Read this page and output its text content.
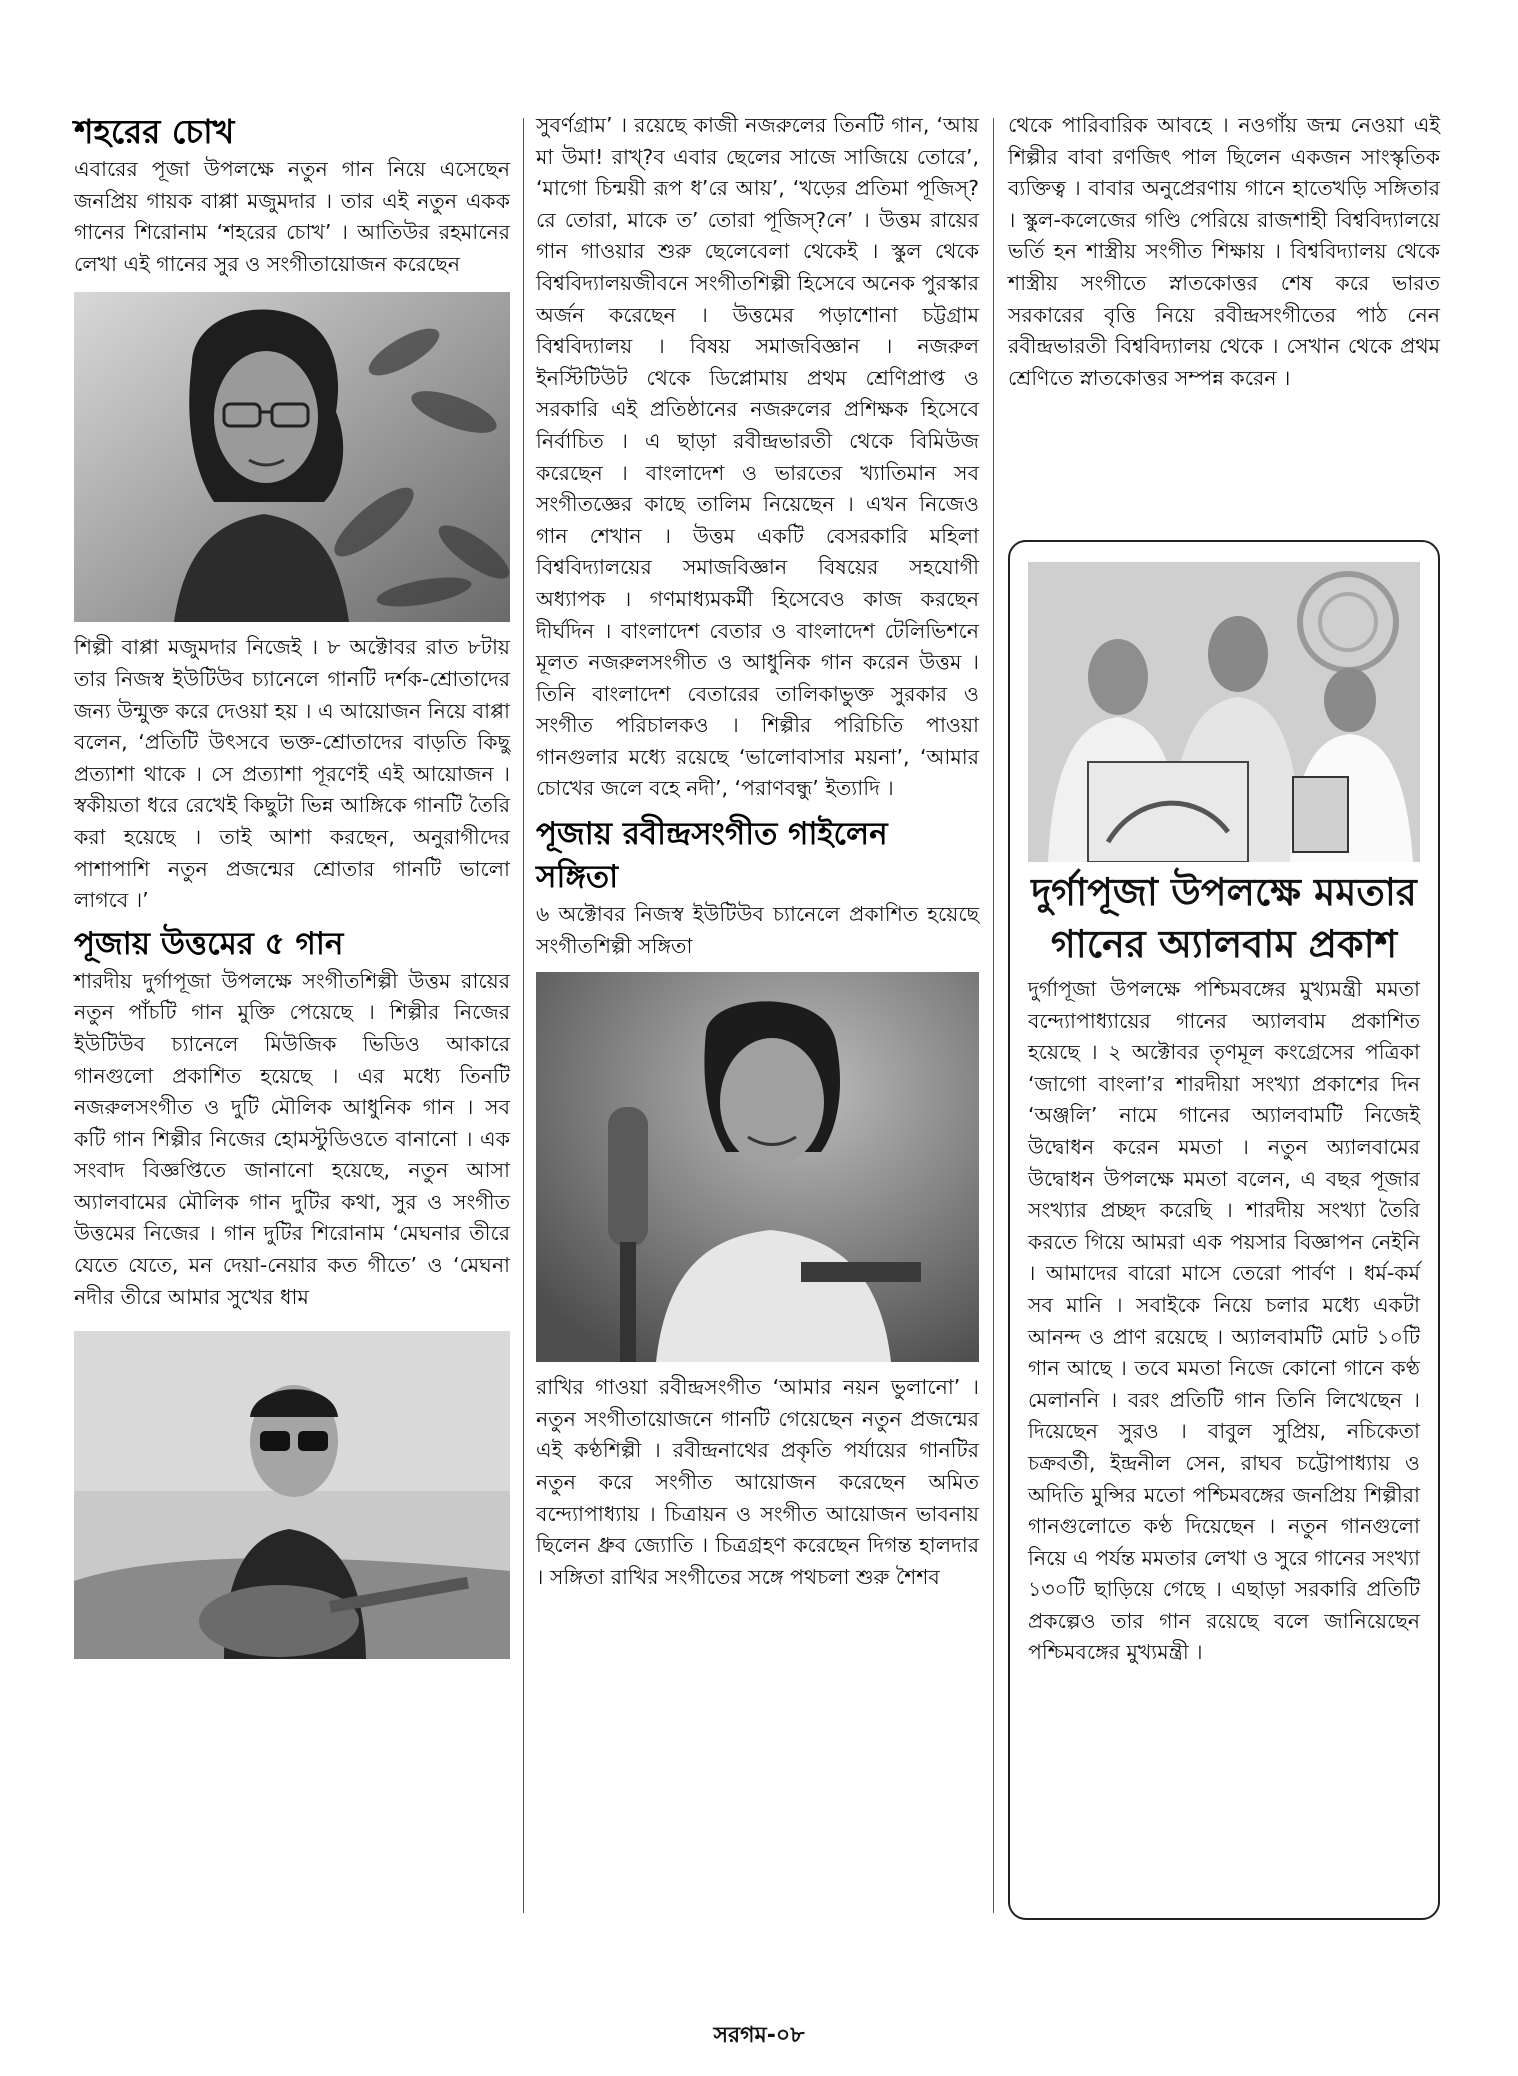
শহরের চোখ

এবারের পূজা উপলক্ষে নতুন গান নিয়ে এসেছেন জনপ্রিয় গায়ক বাপ্পা মজুমদার । তার এই নতুন একক গানের শিরোনাম ‘শহরের চোখ’ । আতিউর রহমানের লেখা এই গানের সুর ও সংগীতায়োজন করেছেন

শিল্পী বাপ্পা মজুমদার নিজেই । ৮ অক্টোবর রাত ৮টায় তার নিজস্ব ইউটিউব চ্যানেলে গানটি দর্শক-শ্রোতাদের জন্য উন্মুক্ত করে দেওয়া হয় । এ আয়োজন নিয়ে বাপ্পা বলেন, ‘প্রতিটি উৎসবে ভক্ত-শ্রোতাদের বাড়তি কিছু প্রত্যাশা থাকে । সে প্রত্যাশা পূরণেই এই আয়োজন । স্বকীয়তা ধরে রেখেই কিছুটা ভিন্ন আঙ্গিকে গানটি তৈরি করা হয়েছে । তাই আশা করছেন, অনুরাগীদের পাশাপাশি নতুন প্রজন্মের শ্রোতার গানটি ভালো লাগবে ।’

পূজায় উত্তমের ৫ গান

শারদীয় দুর্গাপূজা উপলক্ষে সংগীতশিল্পী উত্তম রায়ের নতুন পাঁচটি গান মুক্তি পেয়েছে । শিল্পীর নিজের ইউটিউব চ্যানেলে মিউজিক ভিডিও আকারে গানগুলো প্রকাশিত হয়েছে । এর মধ্যে তিনটি নজরুলসংগীত ও দুটি মৌলিক আধুনিক গান । সব কটি গান শিল্পীর নিজের হোমস্টুডিওতে বানানো । এক সংবাদ বিজ্ঞপ্তিতে জানানো হয়েছে, নতুন আসা অ্যালবামের মৌলিক গান দুটির কথা, সুর ও সংগীত উত্তমের নিজের । গান দুটির শিরোনাম ‘মেঘনার তীরে যেতে যেতে, মন দেয়া-নেয়ার কত গীতে’ ও ‘মেঘনা নদীর তীরে আমার সুখের ধাম

সুবর্ণগ্রাম’ । রয়েছে কাজী নজরুলের তিনটি গান, ‘আয় মা উমা! রাখ্‌?ব এবার ছেলের সাজে সাজিয়ে তোরে’, ‘মাগো চিন্ময়ী রূপ ধ’রে আয়’, ‘খড়ের প্রতিমা পূজিস্‌? রে তোরা, মাকে ত’ তোরা পূজিস্‌?নে’ । উত্তম রায়ের গান গাওয়ার শুরু ছেলেবেলা থেকেই । স্কুল থেকে বিশ্ববিদ্যালয়জীবনে সংগীতশিল্পী হিসেবে অনেক পুরস্কার অর্জন করেছেন । উত্তমের পড়াশোনা চট্টগ্রাম বিশ্ববিদ্যালয় । বিষয় সমাজবিজ্ঞান । নজরুল ইনস্টিটিউট থেকে ডিপ্লোমায় প্রথম শ্রেণিপ্রাপ্ত ও সরকারি এই প্রতিষ্ঠানের নজরুলের প্রশিক্ষক হিসেবে নির্বাচিত । এ ছাড়া রবীন্দ্রভারতী থেকে বিমিউজ করেছেন । বাংলাদেশ ও ভারতের খ্যাতিমান সব সংগীতজ্ঞের কাছে তালিম নিয়েছেন । এখন নিজেও গান শেখান । উত্তম একটি বেসরকারি মহিলা বিশ্ববিদ্যালয়ের সমাজবিজ্ঞান বিষয়ের সহযোগী অধ্যাপক । গণমাধ্যমকর্মী হিসেবেও কাজ করছেন দীর্ঘদিন । বাংলাদেশ বেতার ও বাংলাদেশ টেলিভিশনে মূলত নজরুলসংগীত ও আধুনিক গান করেন উত্তম । তিনি বাংলাদেশ বেতারের তালিকাভুক্ত সুরকার ও সংগীত পরিচালকও । শিল্পীর পরিচিতি পাওয়া গানগুলার মধ্যে রয়েছে ‘ভালোবাসার ময়না’, ‘আমার চোখের জলে বহে নদী’, ‘পরাণবন্ধু’ ইত্যাদি ।

পূজায় রবীন্দ্রসংগীত গাইলেন সঙ্গিতা

৬ অক্টোবর নিজস্ব ইউটিউব চ্যানেলে প্রকাশিত হয়েছে সংগীতশিল্পী সঙ্গিতা

রাখির গাওয়া রবীন্দ্রসংগীত ‘আমার নয়ন ভুলানো’ । নতুন সংগীতায়োজনে গানটি গেয়েছেন নতুন প্রজন্মের এই কণ্ঠশিল্পী । রবীন্দ্রনাথের প্রকৃতি পর্যায়ের গানটির নতুন করে সংগীত আয়োজন করেছেন অমিত বন্দ্যোপাধ্যায় । চিত্রায়ন ও সংগীত আয়োজন ভাবনায় ছিলেন ধ্রুব জ্যোতি । চিত্রগ্রহণ করেছেন দিগন্ত হালদার । সঙ্গিতা রাখির সংগীতের সঙ্গে পথচলা শুরু শৈশব

থেকে পারিবারিক আবহে । নওগাঁয় জন্ম নেওয়া এই শিল্পীর বাবা রণজিৎ পাল ছিলেন একজন সাংস্কৃতিক ব্যক্তিত্ব । বাবার অনুপ্রেরণায় গানে হাতেখড়ি সঙ্গিতার । স্কুল-কলেজের গণ্ডি পেরিয়ে রাজশাহী বিশ্ববিদ্যালয়ে ভর্তি হন শাস্ত্রীয় সংগীত শিক্ষায় । বিশ্ববিদ্যালয় থেকে শাস্ত্রীয় সংগীতে স্নাতকোত্তর শেষ করে ভারত সরকারের বৃত্তি নিয়ে রবীন্দ্রসংগীতের পাঠ নেন রবীন্দ্রভারতী বিশ্ববিদ্যালয় থেকে । সেখান থেকে প্রথম শ্রেণিতে স্নাতকোত্তর সম্পন্ন করেন ।

দুর্গাপূজা উপলক্ষে মমতার গানের অ্যালবাম প্রকাশ

দুর্গাপূজা উপলক্ষে পশ্চিমবঙ্গের মুখ্যমন্ত্রী মমতা বন্দ্যোপাধ্যায়ের গানের অ্যালবাম প্রকাশিত হয়েছে । ২ অক্টোবর তৃণমূল কংগ্রেসের পত্রিকা ‘জাগো বাংলা’র শারদীয়া সংখ্যা প্রকাশের দিন ‘অঞ্জলি’ নামে গানের অ্যালবামটি নিজেই উদ্বোধন করেন মমতা । নতুন অ্যালবামের উদ্বোধন উপলক্ষে মমতা বলেন, এ বছর পূজার সংখ্যার প্রচ্ছদ করেছি । শারদীয় সংখ্যা তৈরি করতে গিয়ে আমরা এক পয়সার বিজ্ঞাপন নেইনি । আমাদের বারো মাসে তেরো পার্বণ । ধর্ম-কর্ম সব মানি । সবাইকে নিয়ে চলার মধ্যে একটা আনন্দ ও প্রাণ রয়েছে । অ্যালবামটি মোট ১০টি গান আছে । তবে মমতা নিজে কোনো গানে কণ্ঠ মেলাননি । বরং প্রতিটি গান তিনি লিখেছেন । দিয়েছেন সুরও । বাবুল সুপ্রিয়, নচিকেতা চক্রবর্তী, ইন্দ্রনীল সেন, রাঘব চট্টোপাধ্যায় ও অদিতি মুন্সির মতো পশ্চিমবঙ্গের জনপ্রিয় শিল্পীরা গানগুলোতে কণ্ঠ দিয়েছেন । নতুন গানগুলো নিয়ে এ পর্যন্ত মমতার লেখা ও সুরে গানের সংখ্যা ১৩০টি ছাড়িয়ে গেছে । এছাড়া সরকারি প্রতিটি প্রকল্পেও তার গান রয়েছে বলে জানিয়েছেন পশ্চিমবঙ্গের মুখ্যমন্ত্রী ।

সরগম-০৮
